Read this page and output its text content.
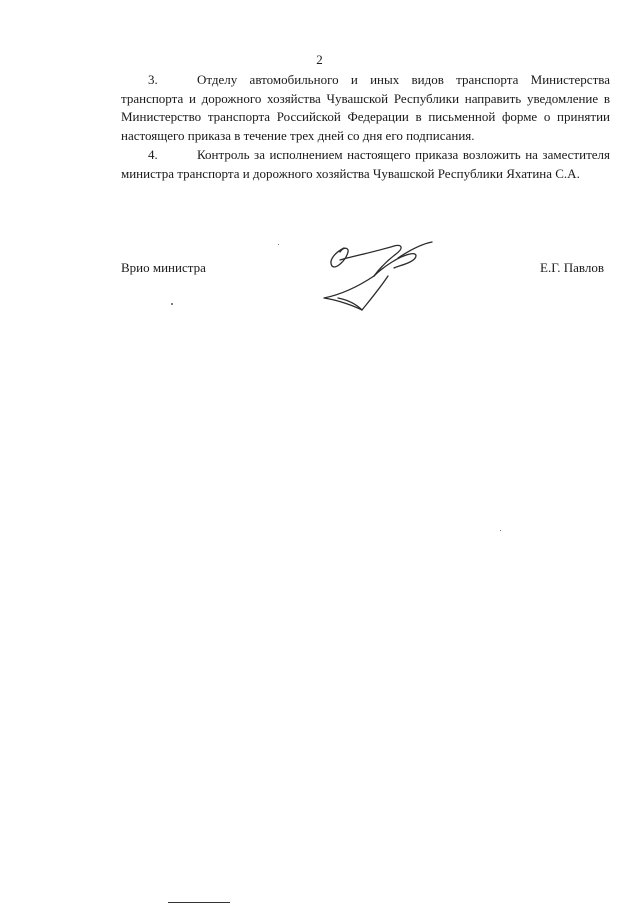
2

3.	Отделу автомобильного и иных видов транспорта Министерства транспорта и дорожного хозяйства Чувашской Республики направить уведомление в Министерство транспорта Российской Федерации в письменной форме о принятии настоящего приказа в течение трех дней со дня его подписания.

4.	Контроль за исполнением настоящего приказа возложить на заместителя министра транспорта и дорожного хозяйства Чувашской Республики Яхатина С.А.

Врио министра	Е.Г. Павлов
